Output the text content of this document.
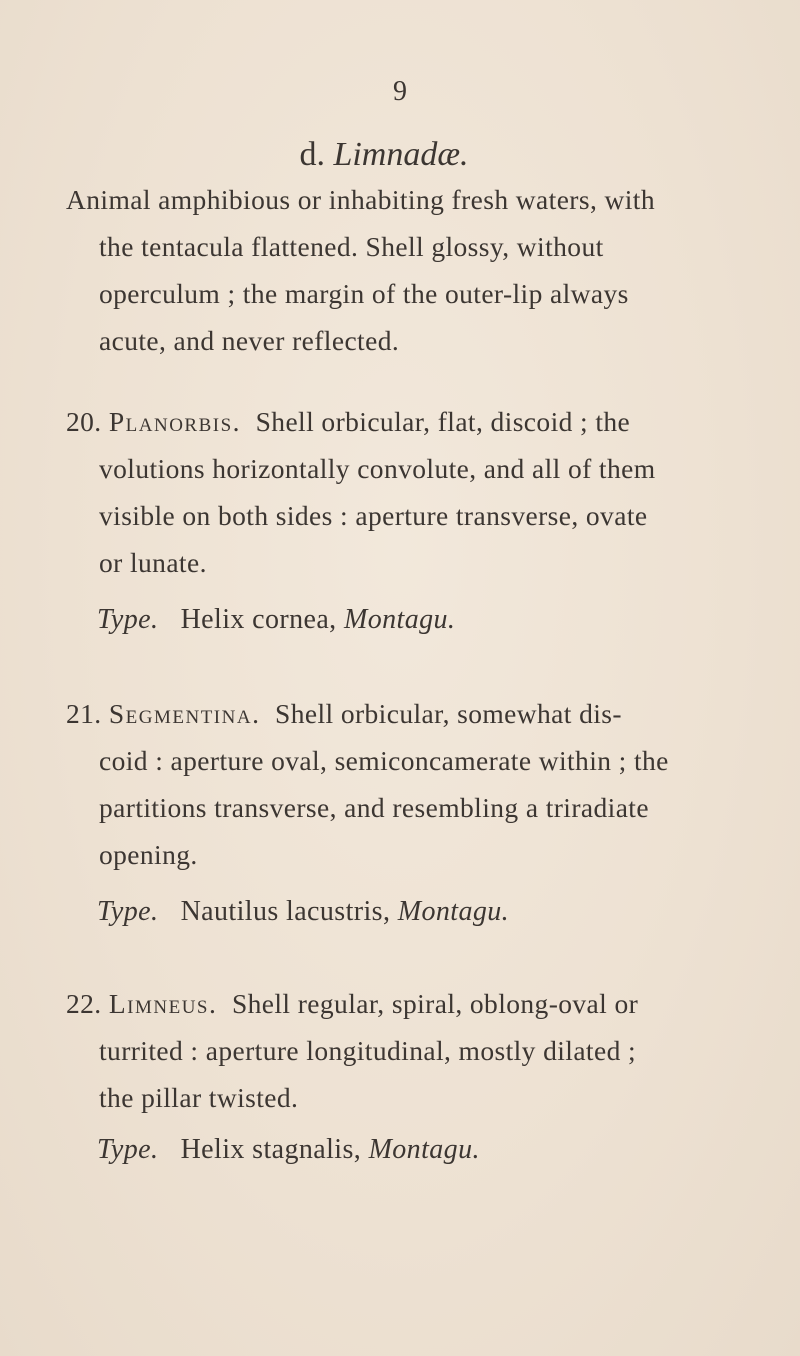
9
d. Limnadæ.
Animal amphibious or inhabiting fresh waters, with
the tentacula flattened. Shell glossy, without
operculum ; the margin of the outer-lip always
acute, and never reflected.
20. Planorbis. Shell orbicular, flat, discoid ; the
volutions horizontally convolute, and all of them
visible on both sides : aperture transverse, ovate
or lunate.
Type. Helix cornea, Montagu.
21. Segmentina. Shell orbicular, somewhat dis-
coid : aperture oval, semiconcamerate within ; the
partitions transverse, and resembling a triradiate
opening.
Type. Nautilus lacustris, Montagu.
22. Limneus. Shell regular, spiral, oblong-oval or
turrited : aperture longitudinal, mostly dilated ;
the pillar twisted.
Type. Helix stagnalis, Montagu.
